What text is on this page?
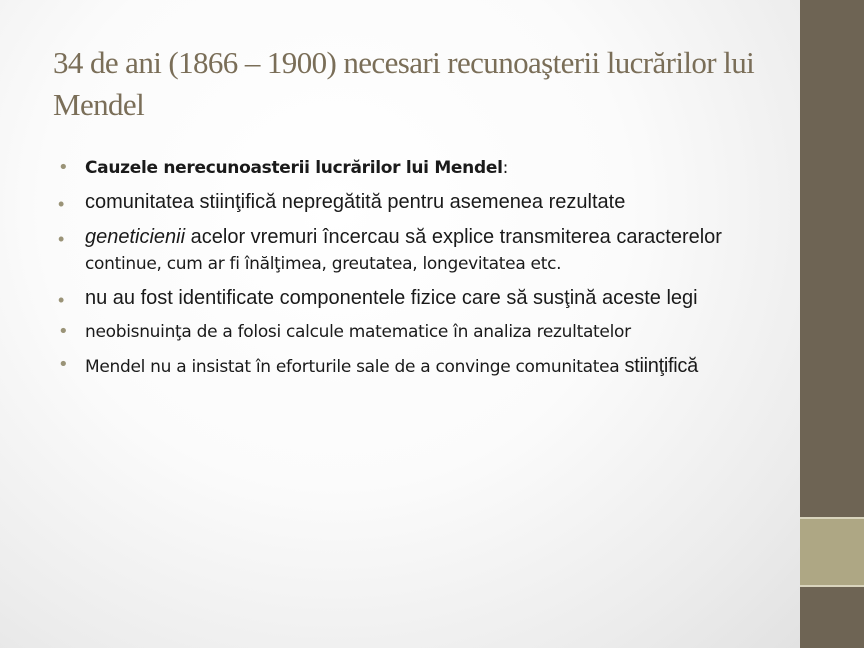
34 de ani (1866 – 1900) necesari recunoaşterii lucrărilor lui Mendel
• Cauzele nerecunoasterii lucrărilor lui Mendel:
• comunitatea stiinţifică nepregătită pentru asemenea rezultate
• geneticienii acelor vremuri încercau să explice transmiterea caracterelor continue, cum ar fi înălţimea, greutatea, longevitatea etc.
• nu au fost identificate componentele fizice care să susţină aceste legi
• neobisnuinţa de a folosi calcule matematice în analiza rezultatelor
• Mendel nu a insistat în eforturile sale de a convinge comunitatea stiinţifică
